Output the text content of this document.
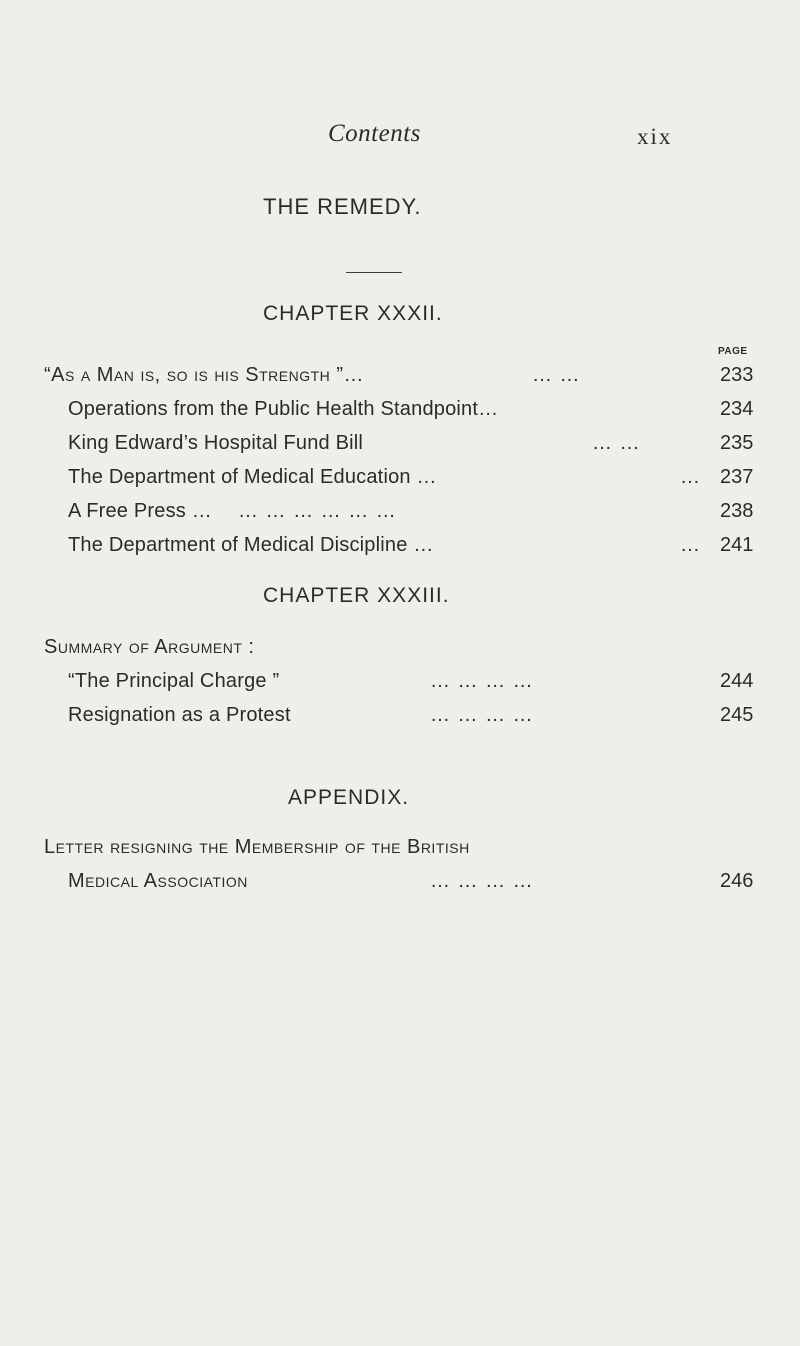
Contents	xix
THE REMEDY.
CHAPTER XXXII.
PAGE
“As a Man is, so is his Strength ”…	… …	233
Operations from the Public Health Standpoint…	234
King Edward’s Hospital Fund Bill	… …	235
The Department of Medical Education …	… 237
A Free Press … … … … … … …	238
The Department of Medical Discipline …	… 241
CHAPTER XXXIII.
Summary of Argument :
“The Principal Charge ”	… … … …	244
Resignation as a Protest	… … … …	245
APPENDIX.
Letter resigning the Membership of the British
Medical Association	… … … …	246
